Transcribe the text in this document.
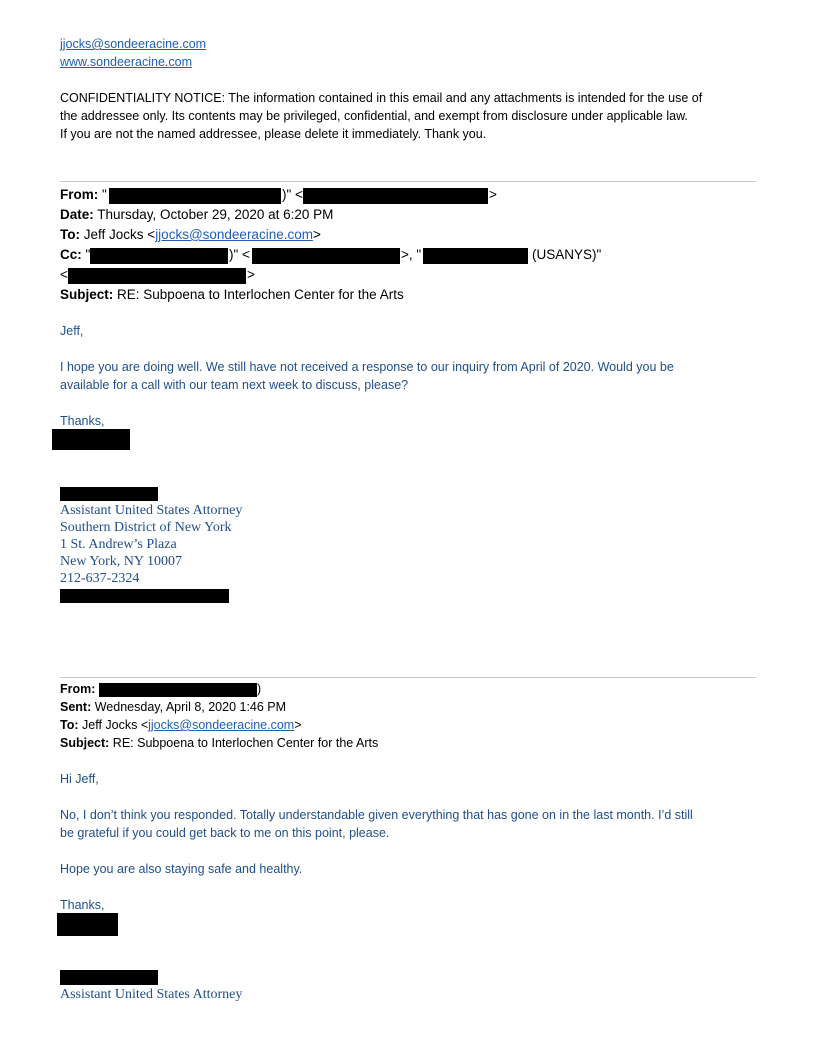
jjocks@sondeeracine.com
www.sondeeracine.com
CONFIDENTIALITY NOTICE: The information contained in this email and any attachments is intended for the use of
the addressee only. Its contents may be privileged, confidential, and exempt from disclosure under applicable law.
If you are not the named addressee, please delete it immediately. Thank you.
From: "	)" <	>
Date: Thursday, October 29, 2020 at 6:20 PM
To: Jeff Jocks <jjocks@sondeeracine.com>
Cc: "	)" <	>, "	(USANYS)"
<	>
Subject: RE: Subpoena to Interlochen Center for the Arts
Jeff,
I hope you are doing well. We still have not received a response to our inquiry from April of 2020. Would you be
available for a call with our team next week to discuss, please?
Thanks,
Assistant United States Attorney
Southern District of New York
1 St. Andrew’s Plaza
New York, NY 10007
212-637-2324
From:	)
Sent: Wednesday, April 8, 2020 1:46 PM
To: Jeff Jocks <jjocks@sondeeracine.com>
Subject: RE: Subpoena to Interlochen Center for the Arts
Hi Jeff,
No, I don’t think you responded. Totally understandable given everything that has gone on in the last month. I’d still
be grateful if you could get back to me on this point, please.
Hope you are also staying safe and healthy.
Thanks,
Assistant United States Attorney
